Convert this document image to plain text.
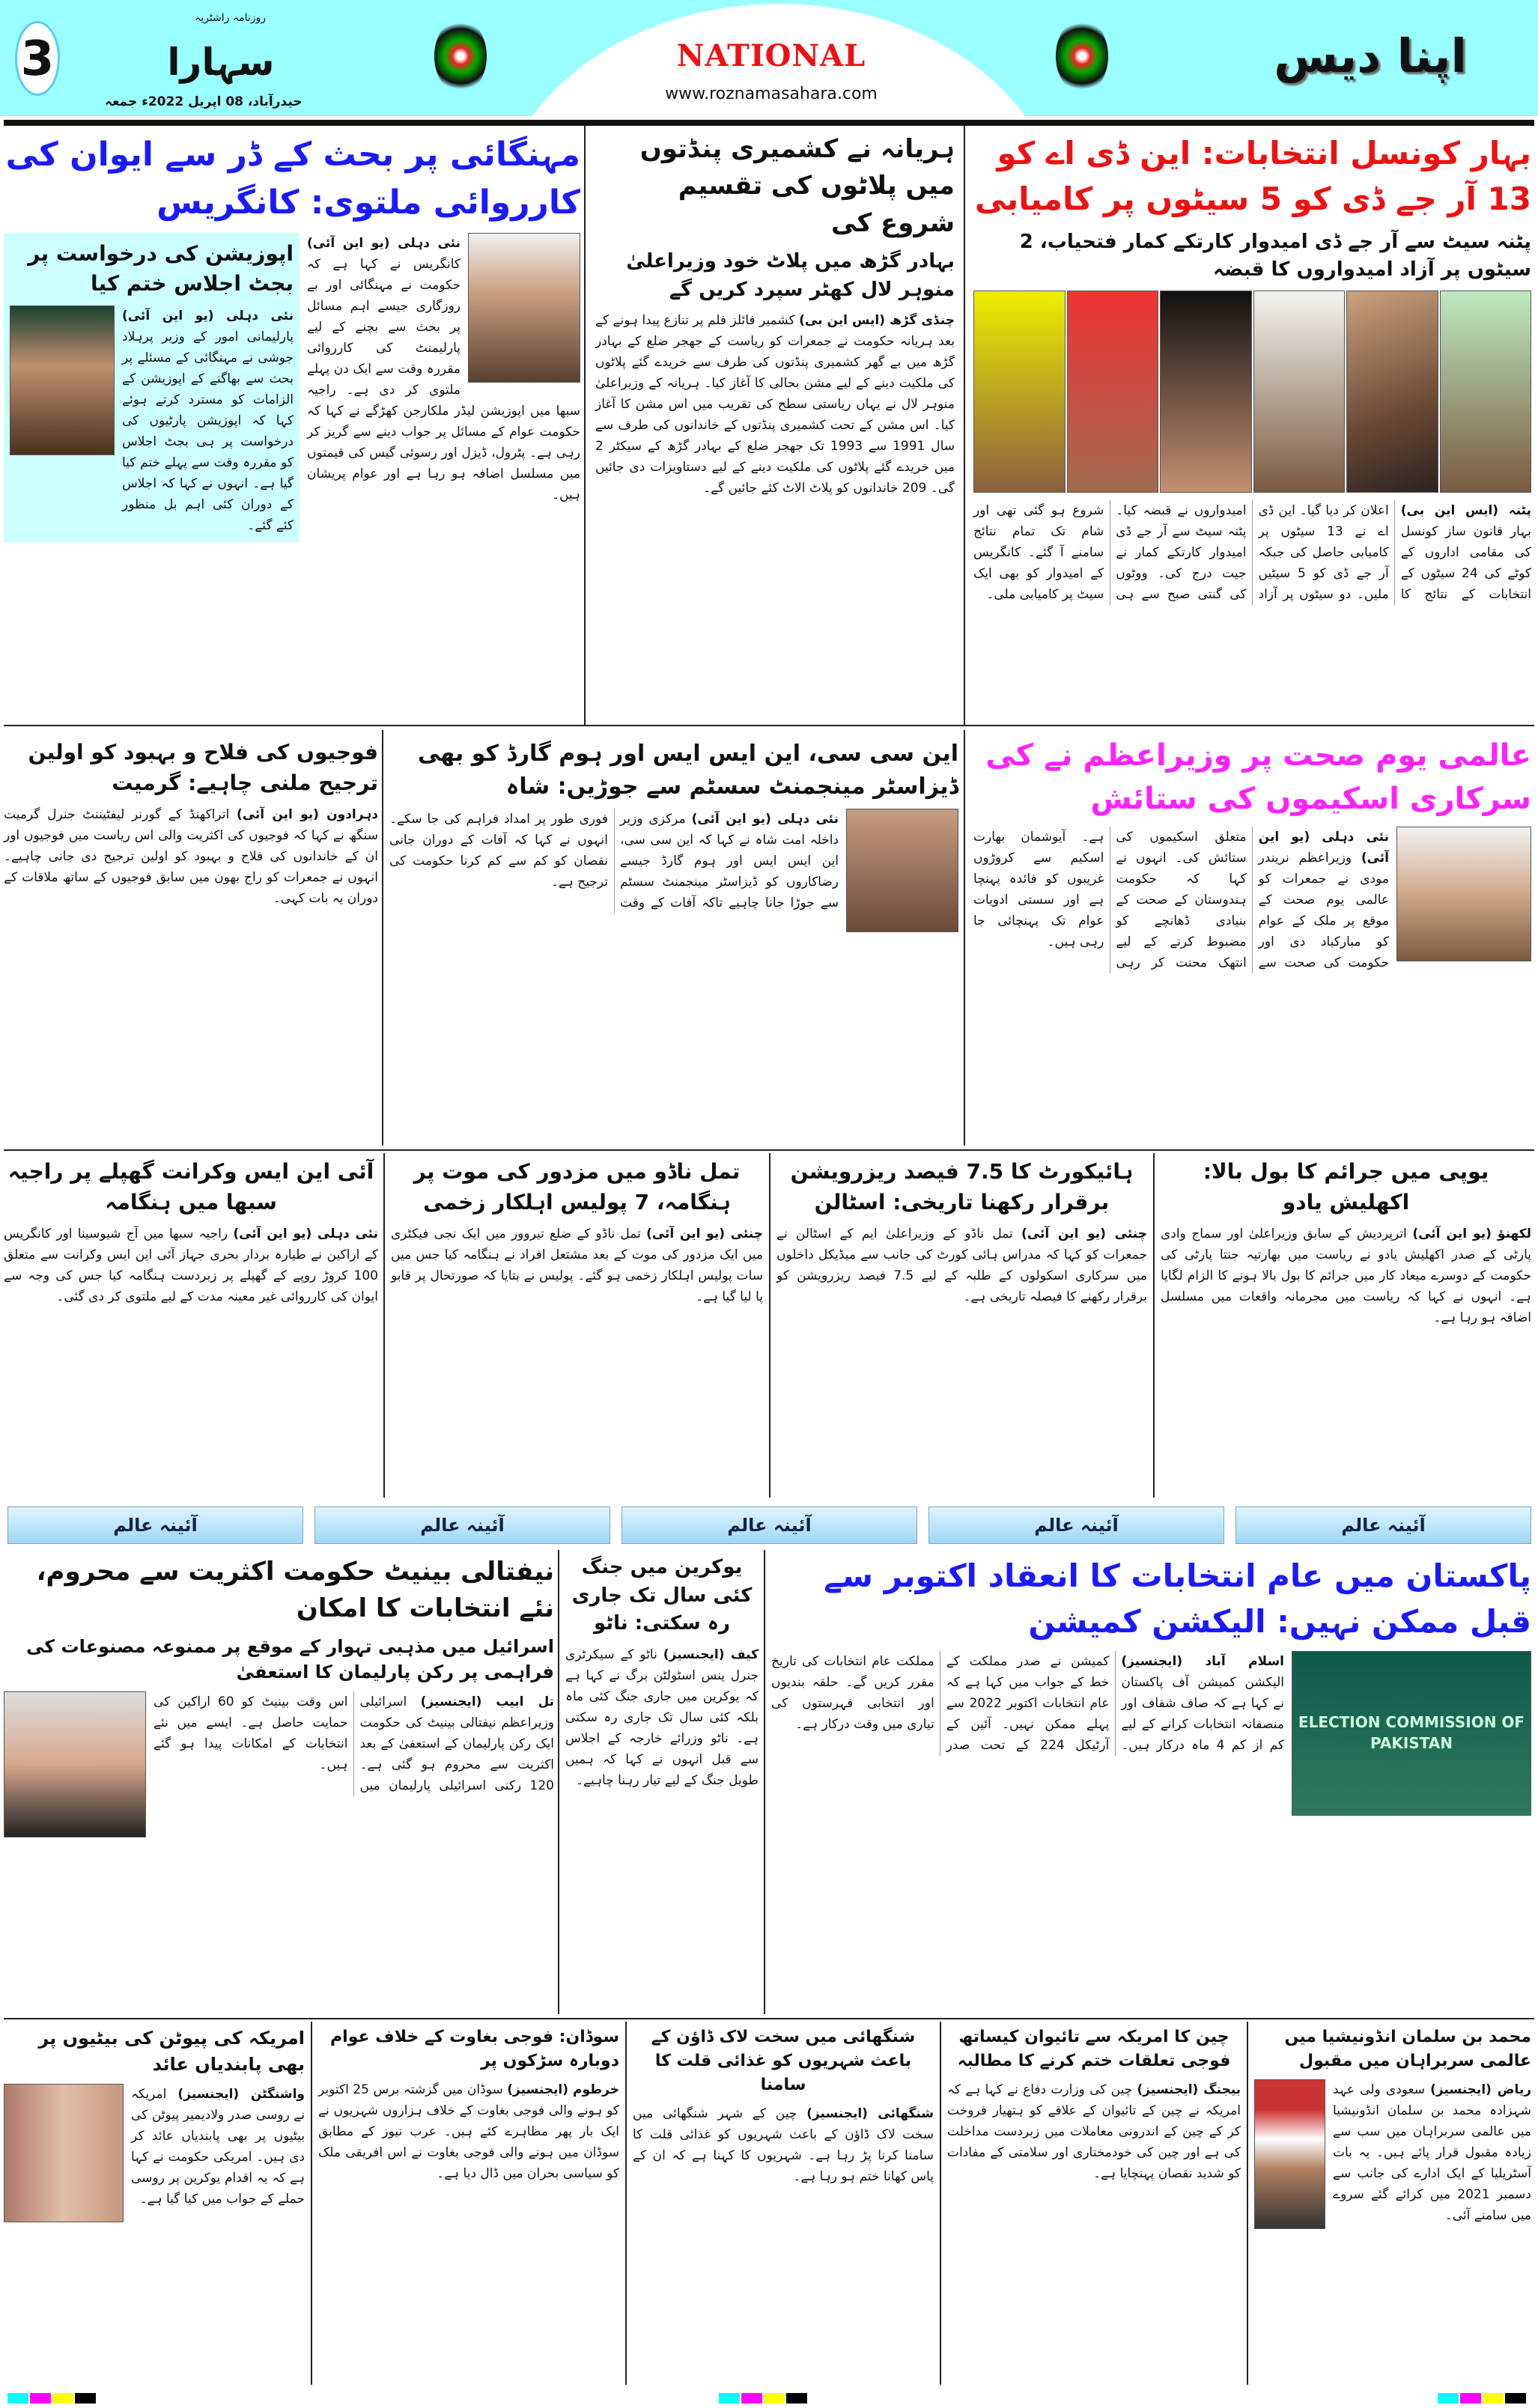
3
روزنامہ راشٹریہ
سہارا
حیدرآباد، 08 اپریل 2022ء جمعہ
NATIONAL
www.roznamasahara.com
اپنا دیس
بہار کونسل انتخابات: این ڈی اے کو 13 آر جے ڈی کو 5 سیٹوں پر کامیابی
پٹنہ سیٹ سے آر جے ڈی امیدوار کارتکے کمار فتحیاب، 2 سیٹوں پر آزاد امیدواروں کا قبضہ
پٹنہ (ایس این بی) بہار قانون ساز کونسل کی مقامی اداروں کے کوٹے کی 24 سیٹوں کے انتخابات کے نتائج کا اعلان کر دیا گیا۔ این ڈی اے نے 13 سیٹوں پر کامیابی حاصل کی جبکہ آر جے ڈی کو 5 سیٹیں ملیں۔ دو سیٹوں پر آزاد امیدواروں نے قبضہ کیا۔ پٹنہ سیٹ سے آر جے ڈی امیدوار کارتکے کمار نے جیت درج کی۔ ووٹوں کی گنتی صبح سے ہی شروع ہو گئی تھی اور شام تک تمام نتائج سامنے آ گئے۔ کانگریس کے امیدوار کو بھی ایک سیٹ پر کامیابی ملی۔
ہریانہ نے کشمیری پنڈتوں میں پلاٹوں کی تقسیم شروع کی
بہادر گڑھ میں پلاٹ خود وزیراعلیٰ منوہر لال کھٹر سپرد کریں گے
چنڈی گڑھ (ایس این بی) کشمیر فائلز فلم پر تنازع پیدا ہونے کے بعد ہریانہ حکومت نے جمعرات کو ریاست کے جھجر ضلع کے بہادر گڑھ میں بے گھر کشمیری پنڈتوں کی طرف سے خریدے گئے پلاٹوں کی ملکیت دینے کے لیے مشن بحالی کا آغاز کیا۔ ہریانہ کے وزیراعلیٰ منوہر لال نے یہاں ریاستی سطح کی تقریب میں اس مشن کا آغاز کیا۔ اس مشن کے تحت کشمیری پنڈتوں کے خاندانوں کی طرف سے سال 1991 سے 1993 تک جھجر ضلع کے بہادر گڑھ کے سیکٹر 2 میں خریدے گئے پلاٹوں کی ملکیت دینے کے لیے دستاویزات دی جائیں گی۔ 209 خاندانوں کو پلاٹ الاٹ کئے جائیں گے۔
مہنگائی پر بحث کے ڈر سے ایوان کی کارروائی ملتوی: کانگریس
نئی دہلی (یو این آئی) کانگریس نے کہا ہے کہ حکومت نے مہنگائی اور بے روزگاری جیسے اہم مسائل پر بحث سے بچنے کے لیے پارلیمنٹ کی کارروائی مقررہ وقت سے ایک دن پہلے ملتوی کر دی ہے۔ راجیہ سبھا میں اپوزیشن لیڈر ملکارجن کھڑگے نے کہا کہ حکومت عوام کے مسائل پر جواب دینے سے گریز کر رہی ہے۔ پٹرول، ڈیزل اور رسوئی گیس کی قیمتوں میں مسلسل اضافہ ہو رہا ہے اور عوام پریشان ہیں۔
اپوزیشن کی درخواست پر بجٹ اجلاس ختم کیا
نئی دہلی (یو این آئی) پارلیمانی امور کے وزیر پرہلاد جوشی نے مہنگائی کے مسئلے پر بحث سے بھاگنے کے اپوزیشن کے الزامات کو مسترد کرتے ہوئے کہا کہ اپوزیشن پارٹیوں کی درخواست پر ہی بجٹ اجلاس کو مقررہ وقت سے پہلے ختم کیا گیا ہے۔ انہوں نے کہا کہ اجلاس کے دوران کئی اہم بل منظور کئے گئے۔
عالمی یوم صحت پر وزیراعظم نے کی سرکاری اسکیموں کی ستائش
نئی دہلی (یو این آئی) وزیراعظم نریندر مودی نے جمعرات کو عالمی یوم صحت کے موقع پر ملک کے عوام کو مبارکباد دی اور حکومت کی صحت سے متعلق اسکیموں کی ستائش کی۔ انہوں نے کہا کہ حکومت ہندوستان کے صحت کے بنیادی ڈھانچے کو مضبوط کرنے کے لیے انتھک محنت کر رہی ہے۔ آیوشمان بھارت اسکیم سے کروڑوں غریبوں کو فائدہ پہنچا ہے اور سستی ادویات عوام تک پہنچائی جا رہی ہیں۔
این سی سی، این ایس ایس اور ہوم گارڈ کو بھی ڈیزاسٹر مینجمنٹ سسٹم سے جوڑیں: شاہ
نئی دہلی (یو این آئی) مرکزی وزیر داخلہ امت شاہ نے کہا کہ این سی سی، این ایس ایس اور ہوم گارڈ جیسے رضاکاروں کو ڈیزاسٹر مینجمنٹ سسٹم سے جوڑا جانا چاہیے تاکہ آفات کے وقت فوری طور پر امداد فراہم کی جا سکے۔ انہوں نے کہا کہ آفات کے دوران جانی نقصان کو کم سے کم کرنا حکومت کی ترجیح ہے۔
فوجیوں کی فلاح و بہبود کو اولین ترجیح ملنی چاہیے: گرمیت
دہرادون (یو این آئی) اتراکھنڈ کے گورنر لیفٹیننٹ جنرل گرمیت سنگھ نے کہا کہ فوجیوں کی اکثریت والی اس ریاست میں فوجیوں اور ان کے خاندانوں کی فلاح و بہبود کو اولین ترجیح دی جانی چاہیے۔ انہوں نے جمعرات کو راج بھون میں سابق فوجیوں کے ساتھ ملاقات کے دوران یہ بات کہی۔
یوپی میں جرائم کا بول بالا: اکھلیش یادو
لکھنؤ (یو این آئی) اترپردیش کے سابق وزیراعلیٰ اور سماج وادی پارٹی کے صدر اکھلیش یادو نے ریاست میں بھارتیہ جنتا پارٹی کی حکومت کے دوسرے میعاد کار میں جرائم کا بول بالا ہونے کا الزام لگایا ہے۔ انہوں نے کہا کہ ریاست میں مجرمانہ واقعات میں مسلسل اضافہ ہو رہا ہے۔
ہائیکورٹ کا 7.5 فیصد ریزرویشن برقرار رکھنا تاریخی: اسٹالن
چنئی (یو این آئی) تمل ناڈو کے وزیراعلیٰ ایم کے اسٹالن نے جمعرات کو کہا کہ مدراس ہائی کورٹ کی جانب سے میڈیکل داخلوں میں سرکاری اسکولوں کے طلبہ کے لیے 7.5 فیصد ریزرویشن کو برقرار رکھنے کا فیصلہ تاریخی ہے۔
تمل ناڈو میں مزدور کی موت پر ہنگامہ، 7 پولیس اہلکار زخمی
چنئی (یو این آئی) تمل ناڈو کے ضلع تیروور میں ایک نجی فیکٹری میں ایک مزدور کی موت کے بعد مشتعل افراد نے ہنگامہ کیا جس میں سات پولیس اہلکار زخمی ہو گئے۔ پولیس نے بتایا کہ صورتحال پر قابو پا لیا گیا ہے۔
آئی این ایس وکرانت گھپلے پر راجیہ سبھا میں ہنگامہ
نئی دہلی (یو این آئی) راجیہ سبھا میں آج شیوسینا اور کانگریس کے اراکین نے طیارہ بردار بحری جہاز آئی این ایس وکرانت سے متعلق 100 کروڑ روپے کے گھپلے پر زبردست ہنگامہ کیا جس کی وجہ سے ایوان کی کارروائی غیر معینہ مدت کے لیے ملتوی کر دی گئی۔
آئینہ عالم
آئینہ عالم
آئینہ عالم
آئینہ عالم
آئینہ عالم
پاکستان میں عام انتخابات کا انعقاد اکتوبر سے قبل ممکن نہیں: الیکشن کمیشن
ELECTION COMMISSION OF PAKISTAN
اسلام آباد (ایجنسیز) الیکشن کمیشن آف پاکستان نے کہا ہے کہ صاف شفاف اور منصفانہ انتخابات کرانے کے لیے کم از کم 4 ماہ درکار ہیں۔ کمیشن نے صدر مملکت کے خط کے جواب میں کہا ہے کہ عام انتخابات اکتوبر 2022 سے پہلے ممکن نہیں۔ آئین کے آرٹیکل 224 کے تحت صدر مملکت عام انتخابات کی تاریخ مقرر کریں گے۔ حلقہ بندیوں اور انتخابی فہرستوں کی تیاری میں وقت درکار ہے۔
یوکرین میں جنگ کئی سال تک جاری رہ سکتی: ناٹو
کیف (ایجنسیز) ناٹو کے سیکرٹری جنرل ینس اسٹولٹن برگ نے کہا ہے کہ یوکرین میں جاری جنگ کئی ماہ بلکہ کئی سال تک جاری رہ سکتی ہے۔ ناٹو وزرائے خارجہ کے اجلاس سے قبل انہوں نے کہا کہ ہمیں طویل جنگ کے لیے تیار رہنا چاہیے۔
نیفتالی بینیٹ حکومت اکثریت سے محروم، نئے انتخابات کا امکان
اسرائیل میں مذہبی تہوار کے موقع پر ممنوعہ مصنوعات کی فراہمی پر رکن پارلیمان کا استعفیٰ
تل ابیب (ایجنسیز) اسرائیلی وزیراعظم نیفتالی بینیٹ کی حکومت ایک رکن پارلیمان کے استعفیٰ کے بعد اکثریت سے محروم ہو گئی ہے۔ 120 رکنی اسرائیلی پارلیمان میں اس وقت بینیٹ کو 60 اراکین کی حمایت حاصل ہے۔ ایسے میں نئے انتخابات کے امکانات پیدا ہو گئے ہیں۔
محمد بن سلمان انڈونیشیا میں عالمی سربراہان میں مقبول
ریاض (ایجنسیز) سعودی ولی عہد شہزادہ محمد بن سلمان انڈونیشیا میں عالمی سربراہان میں سب سے زیادہ مقبول قرار پائے ہیں۔ یہ بات آسٹریلیا کے ایک ادارے کی جانب سے دسمبر 2021 میں کرائے گئے سروے میں سامنے آئی۔
چین کا امریکہ سے تائیوان کیساتھ فوجی تعلقات ختم کرنے کا مطالبہ
بیجنگ (ایجنسیز) چین کی وزارت دفاع نے کہا ہے کہ امریکہ نے چین کے تائیوان کے علاقے کو ہتھیار فروخت کر کے چین کے اندرونی معاملات میں زبردست مداخلت کی ہے اور چین کی خودمختاری اور سلامتی کے مفادات کو شدید نقصان پہنچایا ہے۔
شنگھائی میں سخت لاک ڈاؤن کے باعث شہریوں کو غذائی قلت کا سامنا
شنگھائی (ایجنسیز) چین کے شہر شنگھائی میں سخت لاک ڈاؤن کے باعث شہریوں کو غذائی قلت کا سامنا کرنا پڑ رہا ہے۔ شہریوں کا کہنا ہے کہ ان کے پاس کھانا ختم ہو رہا ہے۔
سوڈان: فوجی بغاوت کے خلاف عوام دوبارہ سڑکوں پر
خرطوم (ایجنسیز) سوڈان میں گزشتہ برس 25 اکتوبر کو ہونے والی فوجی بغاوت کے خلاف ہزاروں شہریوں نے ایک بار پھر مظاہرے کئے ہیں۔ عرب نیوز کے مطابق سوڈان میں ہونے والی فوجی بغاوت نے اس افریقی ملک کو سیاسی بحران میں ڈال دیا ہے۔
امریکہ کی پیوٹن کی بیٹیوں پر بھی پابندیاں عائد
واشنگٹن (ایجنسیز) امریکہ نے روسی صدر ولادیمیر پیوٹن کی بیٹیوں پر بھی پابندیاں عائد کر دی ہیں۔ امریکی حکومت نے کہا ہے کہ یہ اقدام یوکرین پر روسی حملے کے جواب میں کیا گیا ہے۔
